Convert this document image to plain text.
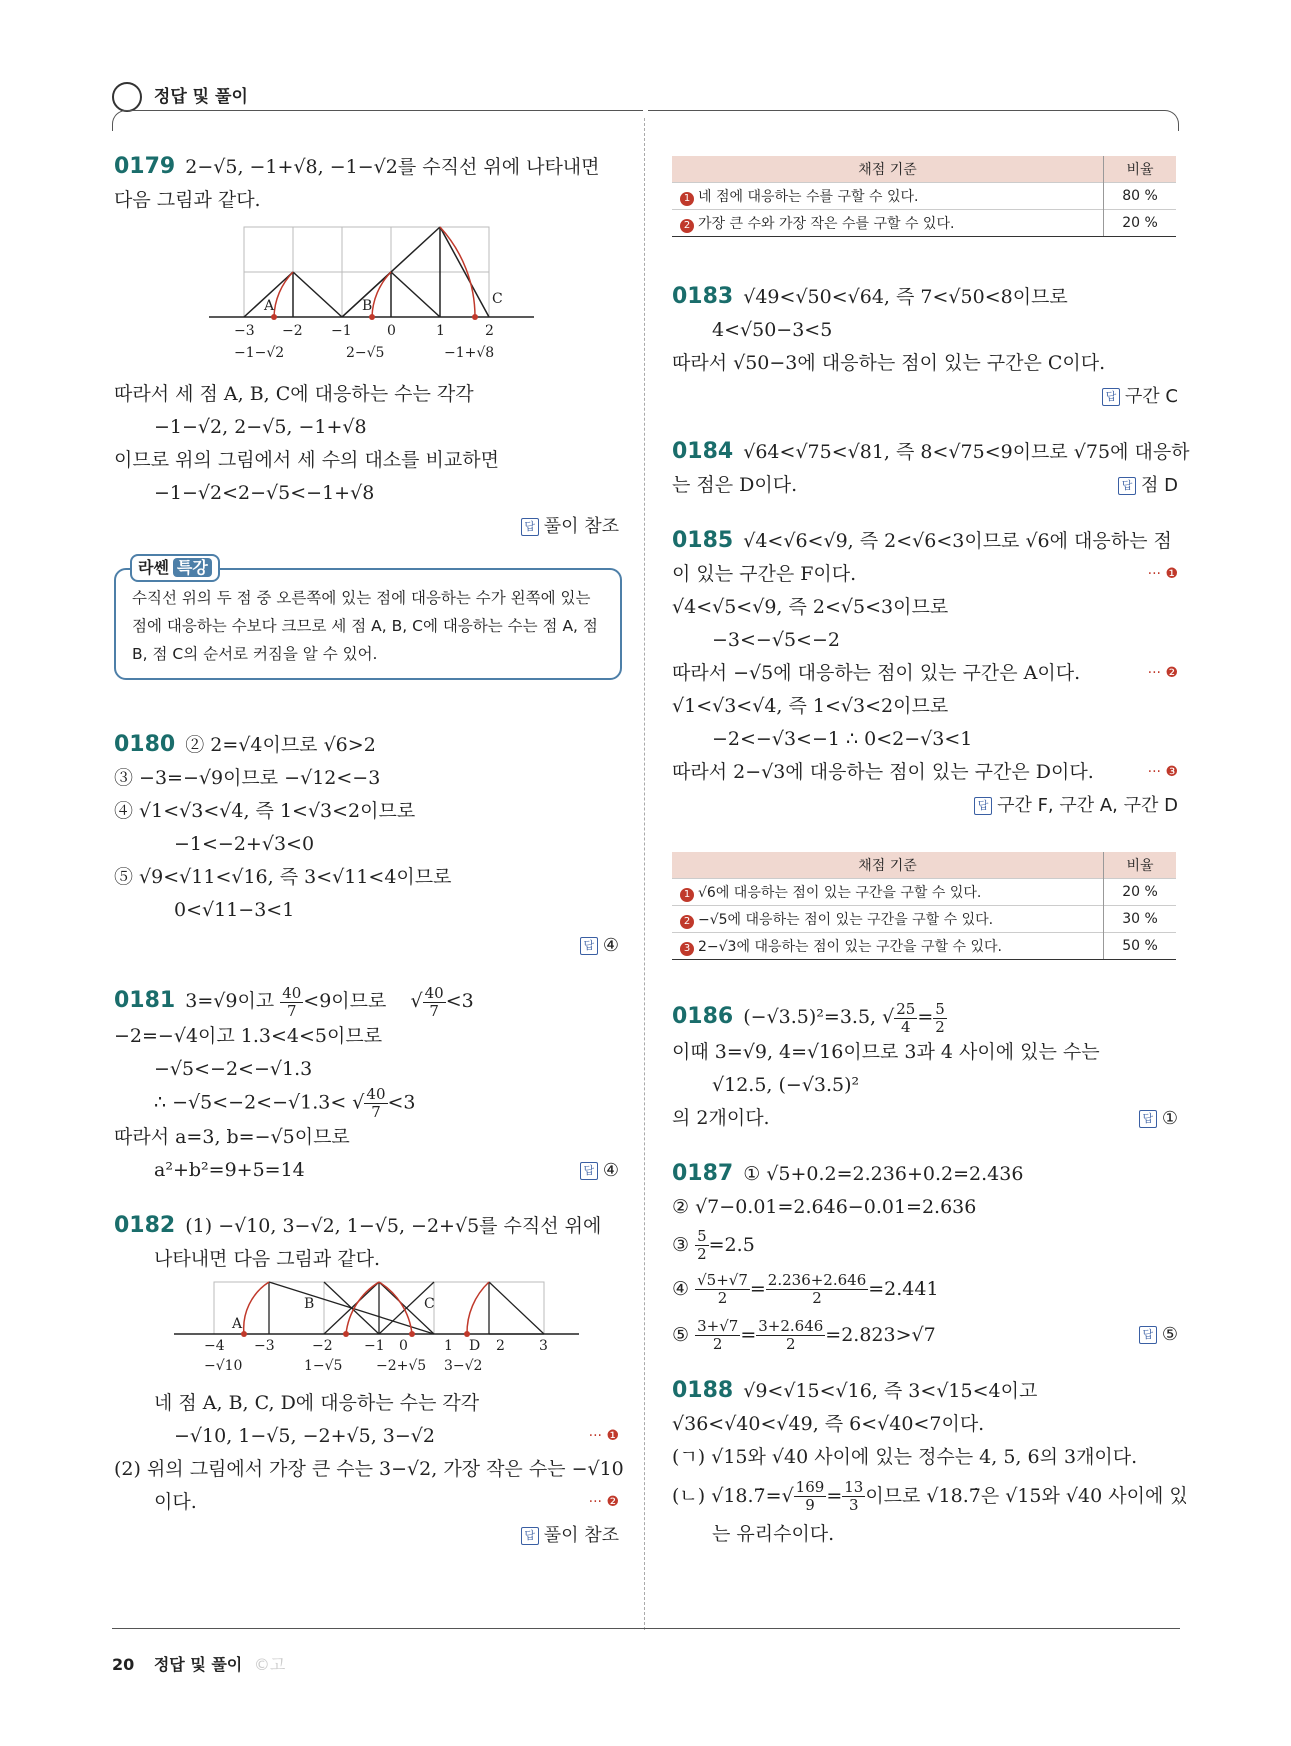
정답 및 풀이
0179 2−√5, −1+√8, −1−√2를 수직선 위에 나타내면
다음 그림과 같다.
A	B	C
−3 −2 −1	0	1	2
−1−√2	2−√5	−1+√8
따라서 세 점 A, B, C에 대응하는 수는 각각
−1−√2, 2−√5, −1+√8
이므로 위의 그림에서 세 수의 대소를 비교하면
−1−√2<2−√5<−1+√8
답 풀이 참조
라쎈 특강
수직선 위의 두 점 중 오른쪽에 있는 점에 대응하는 수가 왼쪽에 있는 점에 대응하는 수보다 크므로 세 점 A, B, C에 대응하는 수는 점 A, 점 B, 점 C의 순서로 커짐을 알 수 있어.
0180 ② 2=√4이므로 √6>2
③ −3=−√9이므로 −√12<−3
④ √1<√3<√4, 즉 1<√3<2이므로
−1<−2+√3<0
⑤ √9<√11<√16, 즉 3<√11<4이므로
0<√11−3<1
답 ④
0181 3=√9이고 $\frac{40}{7} <9$이므로    √ $\frac{40}{7} <3$
−2=−√4이고 1.3<4<5이므로
−√5<−2<−√1.3
∴ −√5<−2<−√1.3< √ $\frac{40}{7} <3$
따라서 a=3, b=−√5이므로
a²+b²=9+5=14	답 ④
0182 (1) −√10, 3−√2, 1−√5, −2+√5를 수직선 위에
나타내면 다음 그림과 같다.
A
B	C
D
−4 −3	−2 −1 0	1	2 3
−√10	1−√5 −2+√5 3−√2
네 점 A, B, C, D에 대응하는 수는 각각
−√10, 1−√5, −2+√5, 3−√2	··· ❶
(2) 위의 그림에서 가장 큰 수는 3−√2, 가장 작은 수는 −√10
이다.	··· ❷
답 풀이 참조
채점 기준	비율
1 네 점에 대응하는 수를 구할 수 있다.	80 %
2 가장 큰 수와 가장 작은 수를 구할 수 있다.	20 %
0183 √49<√50<√64, 즉 7<√50<8이므로
4<√50−3<5
따라서 √50−3에 대응하는 점이 있는 구간은 C이다.
답 구간 C
0184 √64<√75<√81, 즉 8<√75<9이므로 √75에 대응하
는 점은 D이다.	답 점 D
0185 √4<√6<√9, 즉 2<√6<3이므로 √6에 대응하는 점
이 있는 구간은 F이다.	··· ❶
√4<√5<√9, 즉 2<√5<3이므로
−3<−√5<−2
따라서 −√5에 대응하는 점이 있는 구간은 A이다.	··· ❷
√1<√3<√4, 즉 1<√3<2이므로
−2<−√3<−1 ∴ 0<2−√3<1
따라서 2−√3에 대응하는 점이 있는 구간은 D이다.	··· ❸
답 구간 F, 구간 A, 구간 D
채점 기준	비율
1 √6에 대응하는 점이 있는 구간을 구할 수 있다.	20 %
2 −√5에 대응하는 점이 있는 구간을 구할 수 있다.	30 %
3 2−√3에 대응하는 점이 있는 구간을 구할 수 있다.	50 %
0186 (−√3.5)²=3.5, √ $\frac{25}{4} = \frac{5}{2}$
이때 3=√9, 4=√16이므로 3과 4 사이에 있는 수는
√12.5, (−√3.5)²
의 2개이다.	답 ①
0187 ① √5+0.2=2.236+0.2=2.436
② √7−0.01=2.646−0.01=2.636
③ $\frac{5}{2} =2.5$
④ $\frac{√5+√7}{2} = \frac{2.236+2.646}{2} =2.441$
⑤ $\frac{3+√7}{2} = \frac{3+2.646}{2} =2.823>√7$	답 ⑤
0188 √9<√15<√16, 즉 3<√15<4이고
√36<√40<√49, 즉 6<√40<7이다.
(ㄱ) √15와 √40 사이에 있는 정수는 4, 5, 6의 3개이다.
(ㄴ) √18.7̇=√ $\frac{169}{9} = \frac{13}{3}$ 이므로 √18.7̇은 √15와 √40 사이에 있
는 유리수이다.
20 정답 및 풀이 ©고
